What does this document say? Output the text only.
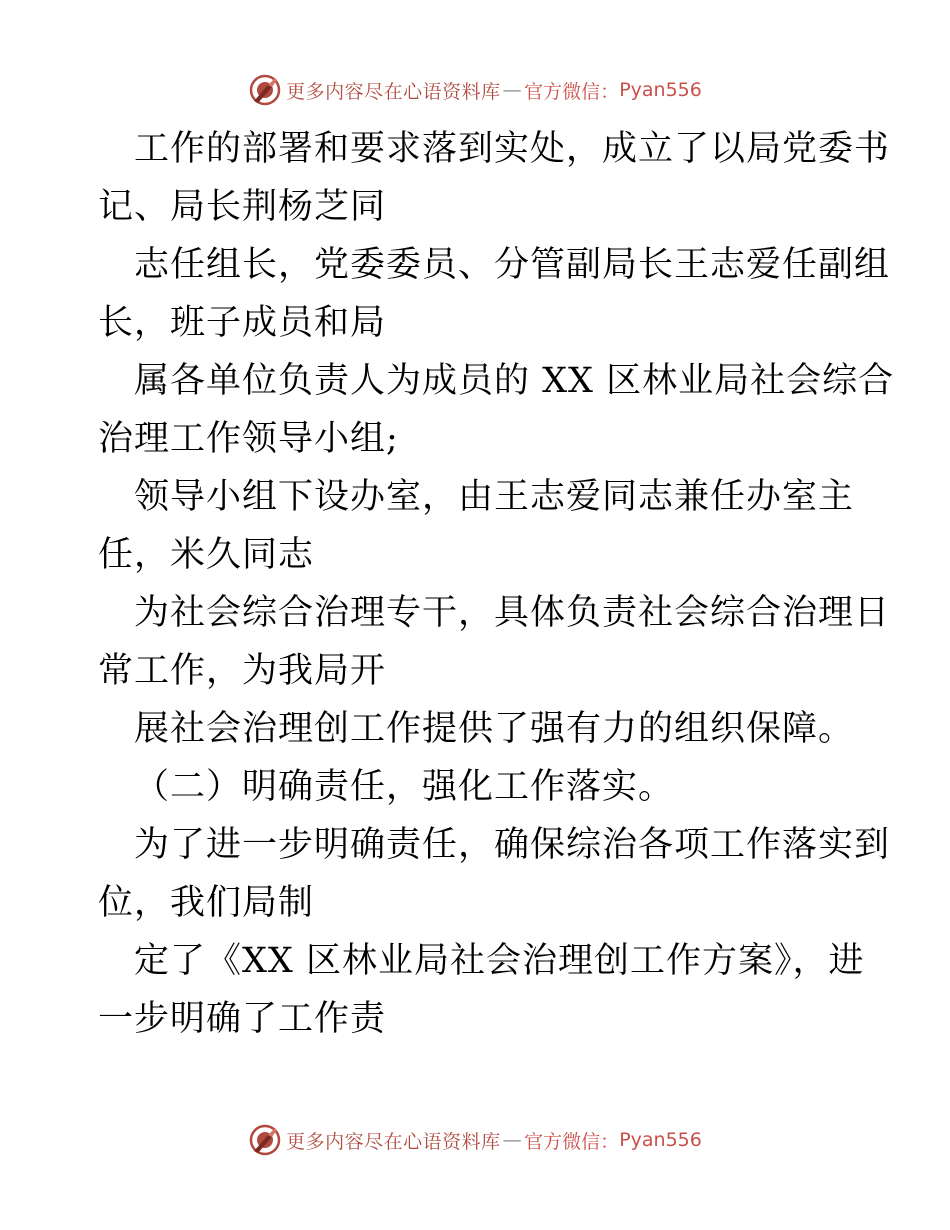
更多内容尽在心语资料库 — 官方微信： Pyan556

工作的部署和要求落到实处，成立了以局党委书
记、局长荆杨芝同

志任组长，党委委员、分管副局长王志爱任副组
长，班子成员和局

属各单位负责人为成员的 XX 区林业局社会综合
治理工作领导小组;

领导小组下设办室，由王志爱同志兼任办室主
任，米久同志

为社会综合治理专干，具体负责社会综合治理日
常工作，为我局开

展社会治理创工作提供了强有力的组织保障。

（二）明确责任，强化工作落实。

为了进一步明确责任，确保综治各项工作落实到
位，我们局制

定了《XX 区林业局社会治理创工作方案》，进
一步明确了工作责

更多内容尽在心语资料库 — 官方微信： Pyan556
